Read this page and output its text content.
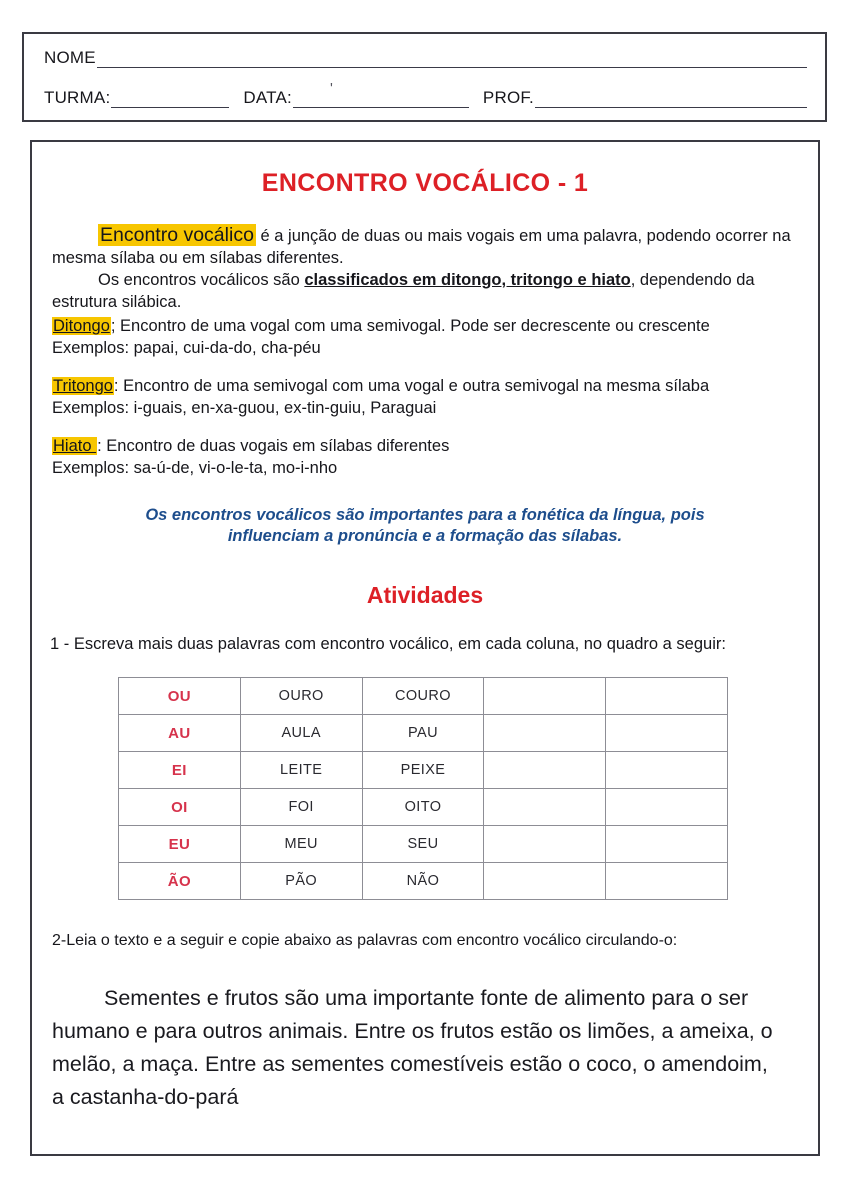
NOME
TURMA:	DATA:	PROF.
'
ENCONTRO VOCÁLICO - 1

Encontro vocálico é a junção de duas ou mais vogais em uma palavra, podendo ocorrer na mesma sílaba ou em sílabas diferentes.

Os encontros vocálicos são classificados em ditongo, tritongo e hiato, dependendo da estrutura silábica.

Ditongo; Encontro de uma vogal com uma semivogal. Pode ser decrescente ou crescente

Exemplos: papai, cui-da-do, cha-péu

Tritongo: Encontro de uma semivogal com uma vogal e outra semivogal na mesma sílaba

Exemplos: i-guais, en-xa-guou, ex-tin-guiu, Paraguai

Hiato : Encontro de duas vogais em sílabas diferentes

Exemplos: sa-ú-de, vi-o-le-ta, mo-i-nho

Os encontros vocálicos são importantes para a fonética da língua, pois influenciam a pronúncia e a formação das sílabas.
Atividades
1 - Escreva mais duas palavras com encontro vocálico, em cada coluna, no quadro a seguir:
OU	OURO	COURO		
AU	AULA	PAU		
EI	LEITE	PEIXE		
OI	FOI	OITO		
EU	MEU	SEU		
ÃO	PÃO	NÃO		
2-Leia o texto e a seguir e copie abaixo as palavras com encontro vocálico circulando-o:
Sementes e frutos são uma importante fonte de alimento para o ser humano e para outros animais. Entre os frutos estão os limões, a ameixa, o melão, a maça. Entre as sementes comestíveis estão o coco, o amendoim, a castanha-do-pará
